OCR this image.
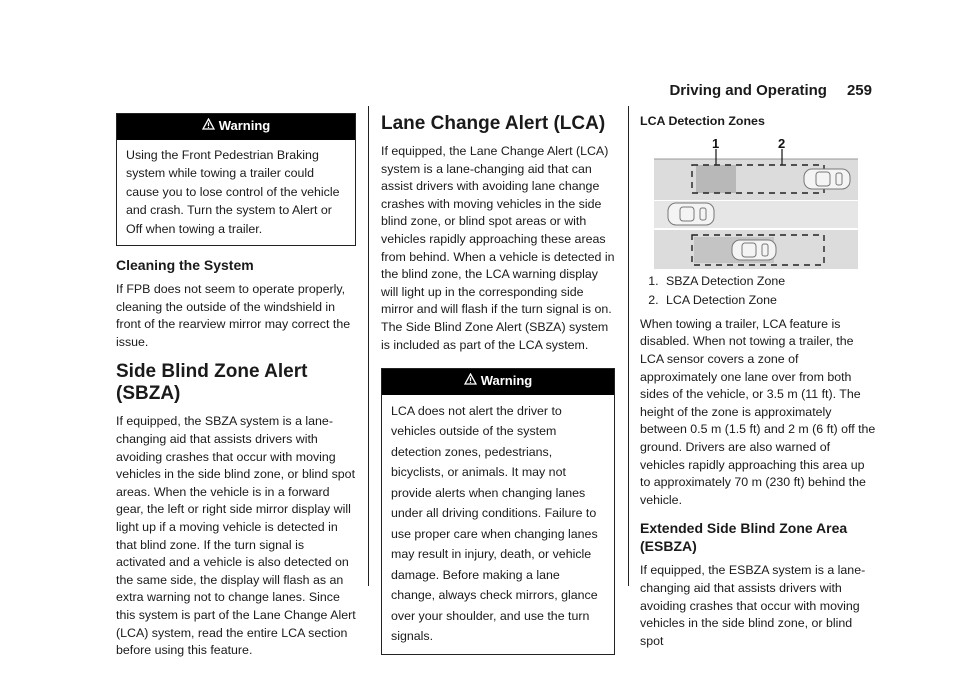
Driving and Operating 259
Warning
Using the Front Pedestrian Braking system while towing a trailer could cause you to lose control of the vehicle and crash. Turn the system to Alert or Off when towing a trailer.
Cleaning the System

If FPB does not seem to operate properly, cleaning the outside of the windshield in front of the rearview mirror may correct the issue.

Side Blind Zone Alert (SBZA)

If equipped, the SBZA system is a lane-changing aid that assists drivers with avoiding crashes that occur with moving vehicles in the side blind zone, or blind spot areas. When the vehicle is in a forward gear, the left or right side mirror display will light up if a moving vehicle is detected in that blind zone. If the turn signal is activated and a vehicle is also detected on the same side, the display will flash as an extra warning not to change lanes. Since this system is part of the Lane Change Alert (LCA) system, read the entire LCA section before using this feature.

Lane Change Alert (LCA)

If equipped, the Lane Change Alert (LCA) system is a lane-changing aid that can assist drivers with avoiding lane change crashes with moving vehicles in the side blind zone, or blind spot areas or with vehicles rapidly approaching these areas from behind. When a vehicle is detected in the blind zone, the LCA warning display will light up in the corresponding side mirror and will flash if the turn signal is on. The Side Blind Zone Alert (SBZA) system is included as part of the LCA system.

Warning
LCA does not alert the driver to vehicles outside of the system detection zones, pedestrians, bicyclists, or animals. It may not provide alerts when changing lanes under all driving conditions. Failure to use proper care when changing lanes may result in injury, death, or vehicle damage. Before making a lane change, always check mirrors, glance over your shoulder, and use the turn signals.
LCA Detection Zones
1	2
1. SBZA Detection Zone
2. LCA Detection Zone

When towing a trailer, LCA feature is disabled. When not towing a trailer, the LCA sensor covers a zone of approximately one lane over from both sides of the vehicle, or 3.5 m (11 ft). The height of the zone is approximately between 0.5 m (1.5 ft) and 2 m (6 ft) off the ground. Drivers are also warned of vehicles rapidly approaching this area up to approximately 70 m (230 ft) behind the vehicle.

Extended Side Blind Zone Area (ESBZA)

If equipped, the ESBZA system is a lane-changing aid that assists drivers with avoiding crashes that occur with moving vehicles in the side blind zone, or blind spot
